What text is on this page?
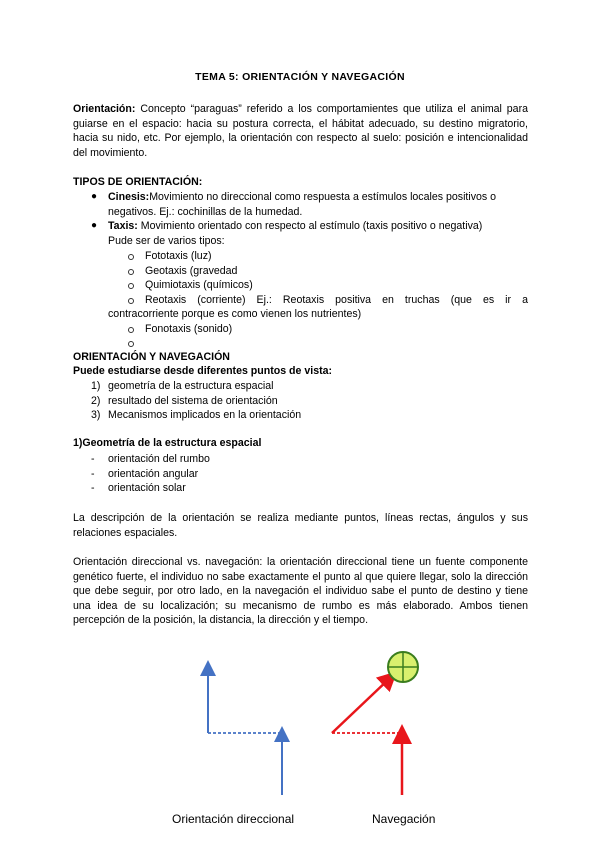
TEMA 5: ORIENTACIÓN Y NAVEGACIÓN
Orientación: Concepto “paraguas” referido a los comportamientes que utiliza el animal para guiarse en el espacio: hacia su postura correcta, el hábitat adecuado, su destino migratorio, hacia su nido, etc. Por ejemplo, la orientación con respecto al suelo: posición e intencionalidad del movimiento.
TIPOS DE ORIENTACIÓN:
● Cinesis:Movimiento no direccional como respuesta a estímulos locales positivos o
negativos. Ej.: cochinillas de la humedad.
● Taxis: Movimiento orientado con respecto al estímulo (taxis positivo o negativa)
Pude ser de varios tipos:
Fototaxis (luz)
Geotaxis (gravedad
Quimiotaxis (químicos)
Reotaxis (corriente) Ej.: Reotaxis positiva en truchas (que es ir a
contracorriente porque es como vienen los nutrientes)
Fonotaxis (sonido)
ORIENTACIÓN Y NAVEGACIÓN
Puede estudiarse desde diferentes puntos de vista:
1) geometría de la estructura espacial
2) resultado del sistema de orientación
3) Mecanismos implicados en la orientación
1)Geometría de la estructura espacial
- orientación del rumbo
- orientación angular
- orientación solar
La descripción de la orientación se realiza mediante puntos, líneas rectas, ángulos y sus relaciones espaciales.
Orientación direccional vs. navegación: la orientación direccional tiene un fuente componente genético fuerte, el individuo no sabe exactamente el punto al que quiere llegar, solo la dirección que debe seguir, por otro lado, en la navegación el individuo sabe el punto de destino y tiene una idea de su localización; su mecanismo de rumbo es más elaborado. Ambos tienen percepción de la posición, la distancia, la dirección y el tiempo.
Orientación direccional	Navegación
